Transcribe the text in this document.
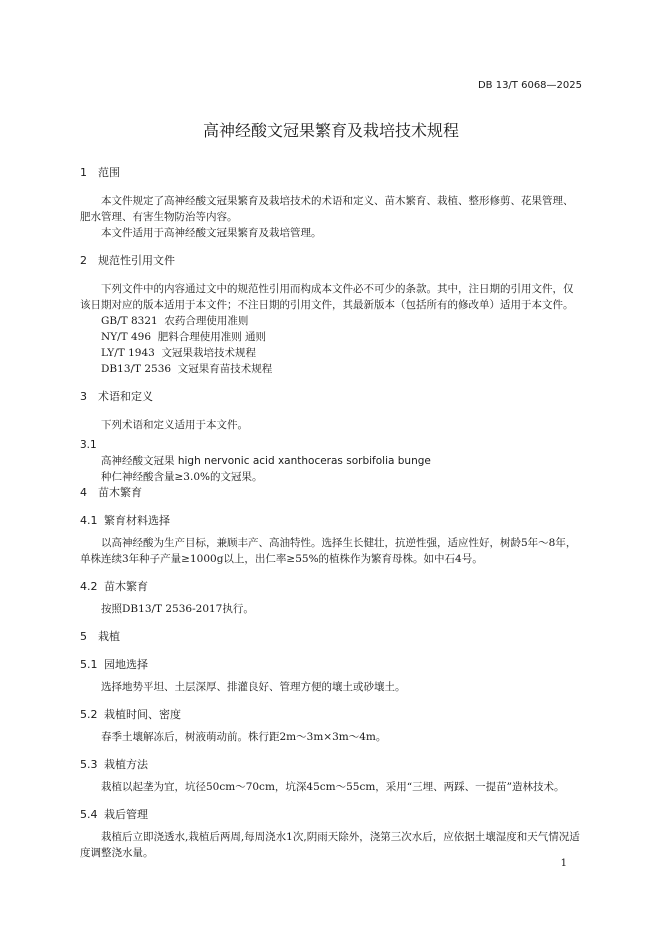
DB 13/T 6068—2025
高神经酸文冠果繁育及栽培技术规程
1 范围

本文件规定了高神经酸文冠果繁育及栽培技术的术语和定义、苗木繁育、栽植、整形修剪、花果管理、肥水管理、有害生物防治等内容。

本文件适用于高神经酸文冠果繁育及栽培管理。

2 规范性引用文件

下列文件中的内容通过文中的规范性引用而构成本文件必不可少的条款。其中，注日期的引用文件，仅该日期对应的版本适用于本文件；不注日期的引用文件，其最新版本（包括所有的修改单）适用于本文件。

GB/T 8321  农药合理使用准则

NY/T 496  肥料合理使用准则 通则

LY/T 1943  文冠果栽培技术规程

DB13/T 2536  文冠果育苗技术规程

3 术语和定义

下列术语和定义适用于本文件。

3.1

高神经酸文冠果 high nervonic acid xanthoceras sorbifolia bunge

种仁神经酸含量≥3.0%的文冠果。

4 苗木繁育
4.1 繁育材料选择

以高神经酸为生产目标，兼顾丰产、高油特性。选择生长健壮，抗逆性强，适应性好，树龄5年～8年，单株连续3年种子产量≥1000g以上，出仁率≥55%的植株作为繁育母株。如中石4号。

4.2 苗木繁育

按照DB13/T 2536-2017执行。

5 栽植
5.1 园地选择

选择地势平坦、土层深厚、排灌良好、管理方便的壤土或砂壤土。

5.2 栽植时间、密度

春季土壤解冻后，树液萌动前。株行距2m～3m×3m～4m。

5.3 栽植方法

栽植以起垄为宜，坑径50cm～70cm，坑深45cm～55cm，采用“三埋、两踩、一提苗”造林技术。

5.4 栽后管理

栽植后立即浇透水,栽植后两周,每周浇水1次,阴雨天除外，浇第三次水后，应依据土壤湿度和天气情况适度调整浇水量。

1
